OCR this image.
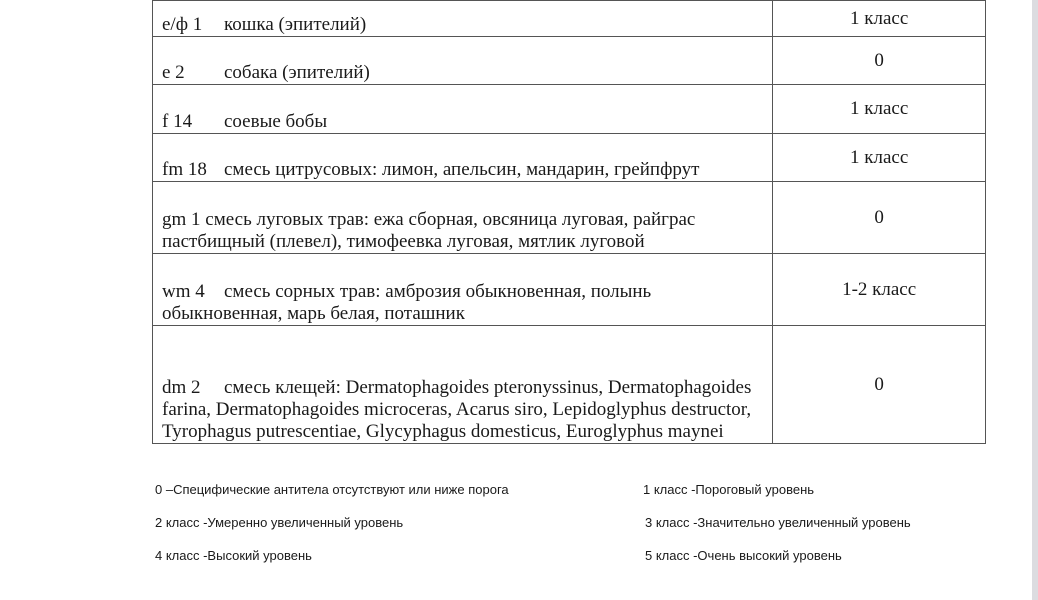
е/ф 1 кошка (эпителий)	1 класс
е 2 собака (эпителий)	0
f 14 соевые бобы	1 класс
fm 18 смесь цитрусовых: лимон, апельсин, мандарин, грейпфрут	1 класс
gm 1 смесь луговых трав: ежа сборная, овсяница луговая, райграс пастбищный (плевел), тимофеевка луговая, мятлик луговой	0
wm 4 смесь сорных трав: амброзия обыкновенная, полынь обыкновенная, марь белая, поташник	1-2 класс
dm 2 смесь клещей: Dermatophagoides pteronyssinus, Dermatophagoides farina, Dermatophagoides microceras, Acarus siro, Lepidoglyphus destructor, Tyrophagus putrescentiae, Glycyphagus domesticus, Euroglyphus maynei	0
0 –Специфические антитела отсутствуют или ниже порога	1 класс -Пороговый уровень
2 класс -Умеренно увеличенный уровень	3 класс -Значительно увеличенный уровень
4 класс -Высокий уровень	5 класс -Очень высокий уровень
